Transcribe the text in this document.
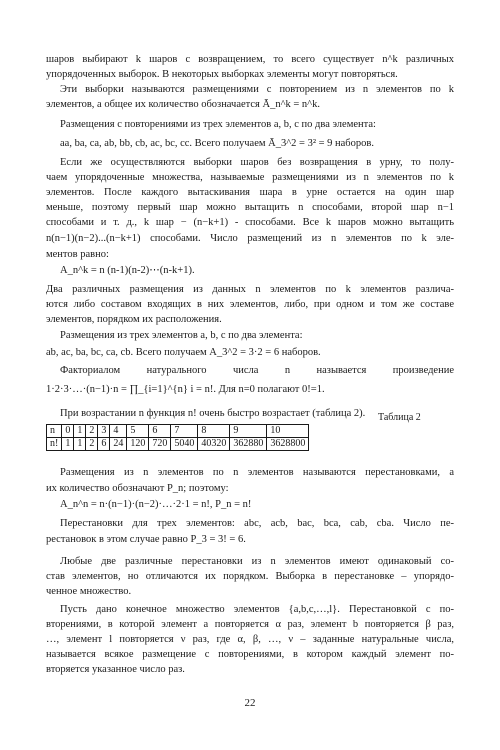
шаров выбирают k шаров с возвращением, то всего существует n^k различных
упорядоченных выборок. В некоторых выборках элементы могут повторяться.
Эти выборки называются размещениями с повторением из n элементов по k
элементов, а общее их количество обозначается Ā_n^k = n^k.
Размещения с повторениями из трех элементов a, b, c по два элемента:
aa, ba, ca, ab, bb, cb, ac, bc, cc. Всего получаем Ā_3^2 = 3² = 9 наборов.
Если же осуществляются выборки шаров без возвращения в урну, то полу-
чаем упорядоченные множества, называемые размещениями из n элементов по k
элементов. После каждого вытаскивания шара в урне остается на один шар
меньше, поэтому первый шар можно вытащить n способами, второй шар n−1
способами и т. д., k шар − (n−k+1) - способами. Все k шаров можно вытащить
n(n−1)(n−2)...(n−k+1) способами. Число размещений из n элементов по k эле-
ментов равно:
A_n^k = n (n-1)(n-2)⋯(n-k+1).
Два различных размещения из данных n элементов по k элементов различа-
ются либо составом входящих в них элементов, либо, при одном и том же составе
элементов, порядком их расположения.
Размещения из трех элементов a, b, c по два элемента:
ab, ac, ba, bc, ca, cb. Всего получаем A_3^2 = 3·2 = 6 наборов.
Факториалом натурального числа n называется произведение
1·2·3·…·(n−1)·n = ∏_{i=1}^{n} i = n!. Для n=0 полагают 0!=1.
При возрастании n функция n! очень быстро возрастает (таблица 2). Таблица 2
n	0	1	2	3	4	5	6	7	8	9	10
n!	1	1	2	6	24	120	720	5040	40320	362880	3628800
Размещения из n элементов по n элементов называются перестановками, а
их количество обозначают P_n; поэтому:
A_n^n = n·(n−1)·(n−2)·…·2·1 = n!, P_n = n!
Перестановки для трех элементов: abc, acb, bac, bca, cab, cba. Число пе-
рестановок в этом случае равно P_3 = 3! = 6.
Любые две различные перестановки из n элементов имеют одинаковый со-
став элементов, но отличаются их порядком. Выборка в перестановке – упорядо-
ченное множество.
Пусть дано конечное множество элементов {a,b,c,…,l}. Перестановкой с по-
вторениями, в которой элемент a повторяется α раз, элемент b повторяется β раз,
…, элемент l повторяется ν раз, где α, β, …, ν – заданные натуральные числа,
называется всякое размещение с повторениями, в котором каждый элемент по-
вторяется указанное число раз.
22
